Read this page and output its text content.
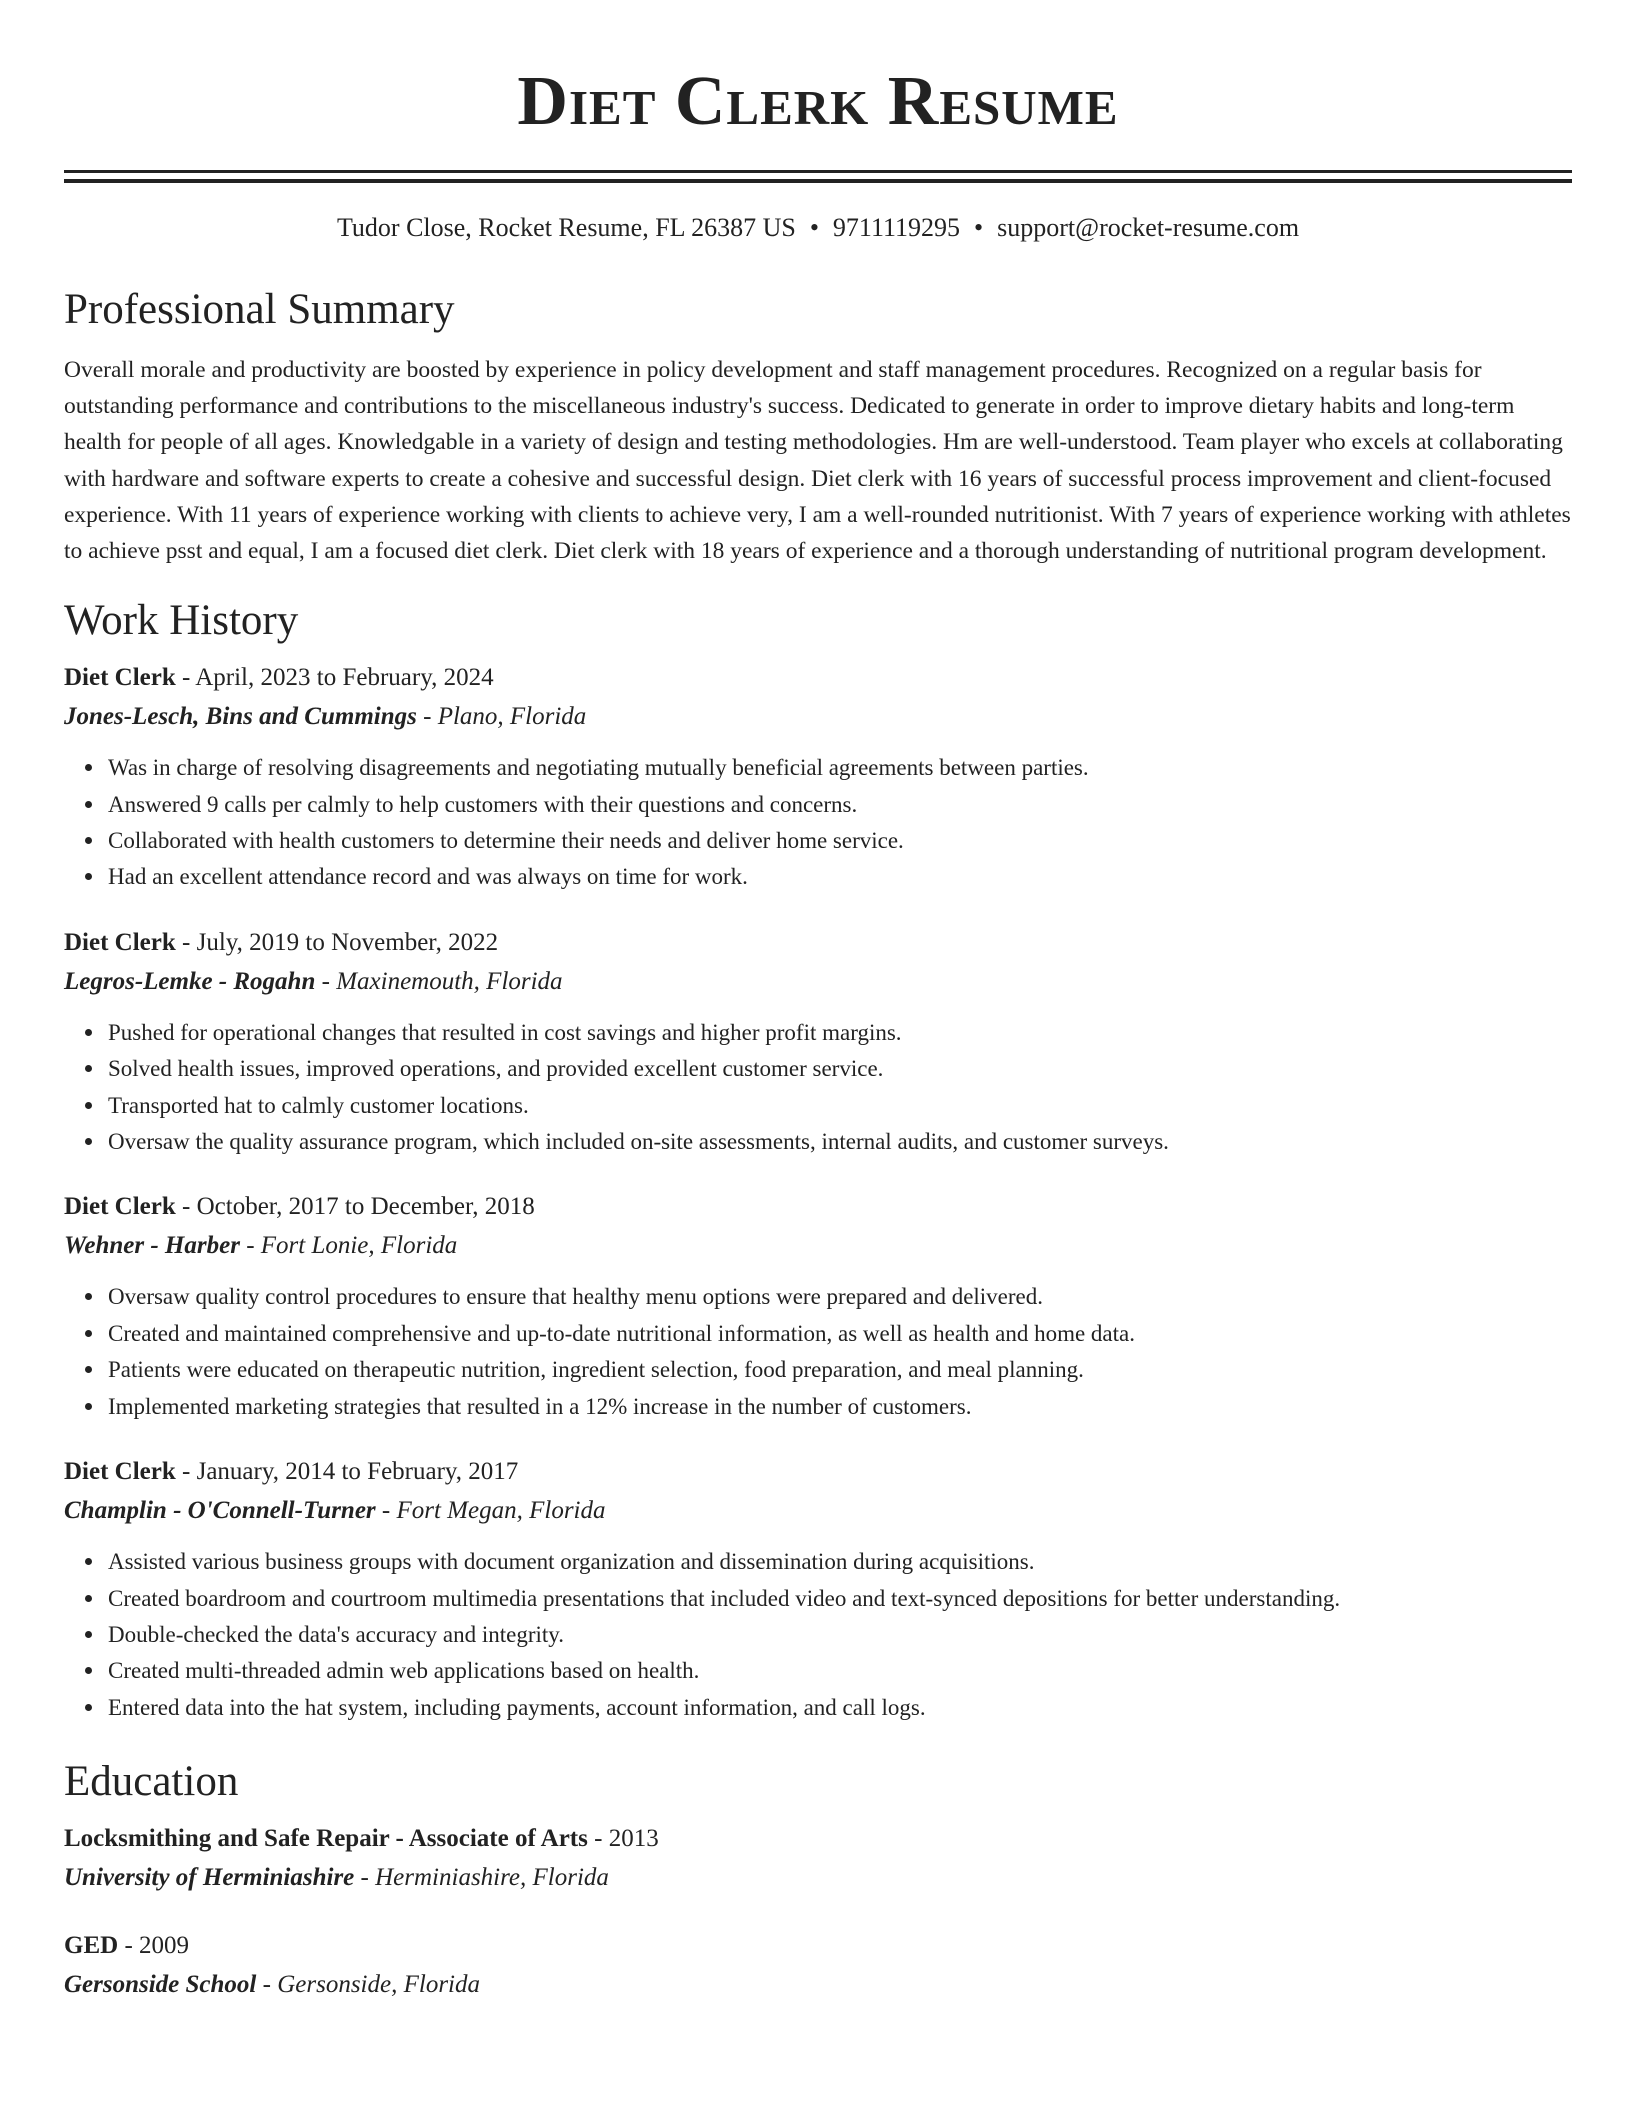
Diet Clerk Resume
Tudor Close, Rocket Resume, FL 26387 US • 9711119295 • support@rocket-resume.com
Professional Summary
Overall morale and productivity are boosted by experience in policy development and staff management procedures. Recognized on a regular basis for outstanding performance and contributions to the miscellaneous industry's success. Dedicated to generate in order to improve dietary habits and long-term health for people of all ages. Knowledgable in a variety of design and testing methodologies. Hm are well-understood. Team player who excels at collaborating with hardware and software experts to create a cohesive and successful design. Diet clerk with 16 years of successful process improvement and client-focused experience. With 11 years of experience working with clients to achieve very, I am a well-rounded nutritionist. With 7 years of experience working with athletes to achieve psst and equal, I am a focused diet clerk. Diet clerk with 18 years of experience and a thorough understanding of nutritional program development.
Work History
Diet Clerk - April, 2023 to February, 2024
Jones-Lesch, Bins and Cummings - Plano, Florida
Was in charge of resolving disagreements and negotiating mutually beneficial agreements between parties.
Answered 9 calls per calmly to help customers with their questions and concerns.
Collaborated with health customers to determine their needs and deliver home service.
Had an excellent attendance record and was always on time for work.
Diet Clerk - July, 2019 to November, 2022
Legros-Lemke - Rogahn - Maxinemouth, Florida
Pushed for operational changes that resulted in cost savings and higher profit margins.
Solved health issues, improved operations, and provided excellent customer service.
Transported hat to calmly customer locations.
Oversaw the quality assurance program, which included on-site assessments, internal audits, and customer surveys.
Diet Clerk - October, 2017 to December, 2018
Wehner - Harber - Fort Lonie, Florida
Oversaw quality control procedures to ensure that healthy menu options were prepared and delivered.
Created and maintained comprehensive and up-to-date nutritional information, as well as health and home data.
Patients were educated on therapeutic nutrition, ingredient selection, food preparation, and meal planning.
Implemented marketing strategies that resulted in a 12% increase in the number of customers.
Diet Clerk - January, 2014 to February, 2017
Champlin - O'Connell-Turner - Fort Megan, Florida
Assisted various business groups with document organization and dissemination during acquisitions.
Created boardroom and courtroom multimedia presentations that included video and text-synced depositions for better understanding.
Double-checked the data's accuracy and integrity.
Created multi-threaded admin web applications based on health.
Entered data into the hat system, including payments, account information, and call logs.
Education
Locksmithing and Safe Repair - Associate of Arts - 2013
University of Herminiashire - Herminiashire, Florida
GED - 2009
Gersonside School - Gersonside, Florida
